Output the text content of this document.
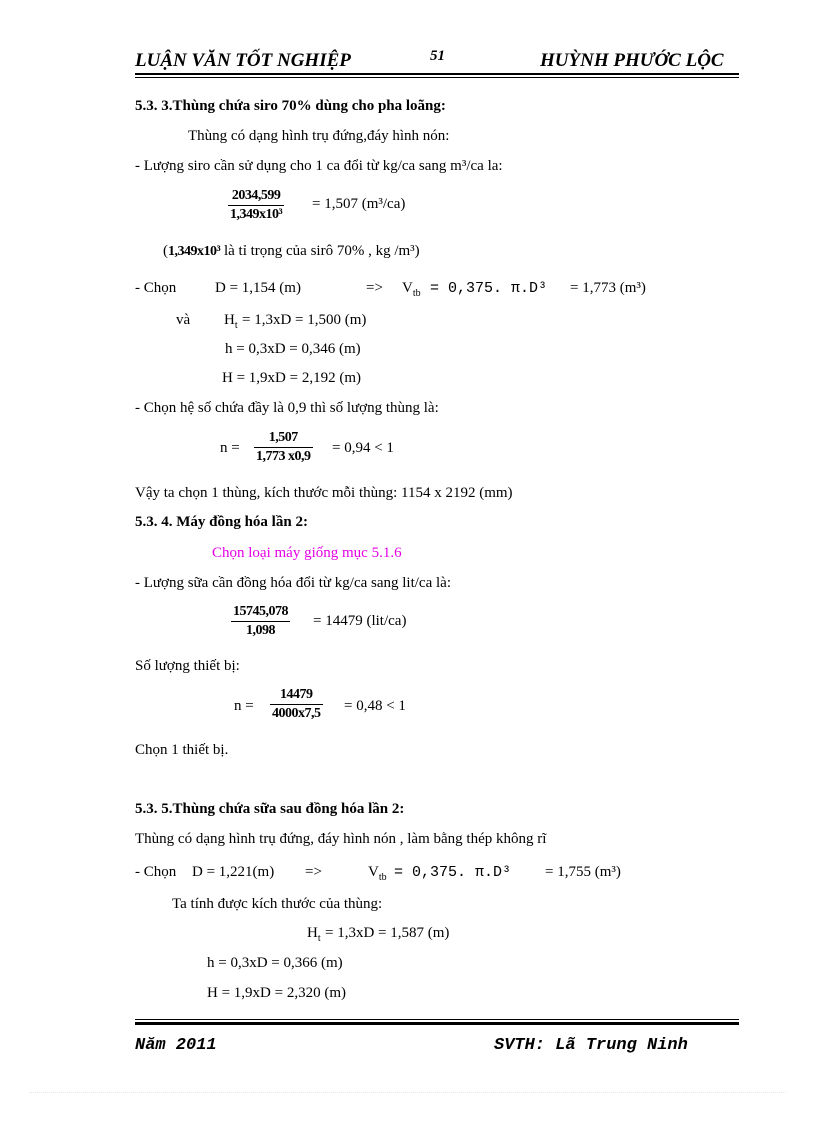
LUẬN VĂN TỐT NGHIỆP	51	HUỲNH PHƯỚC LỘC
5.3. 3.Thùng chứa siro 70% dùng cho pha loãng:
Thùng có dạng hình trụ đứng,đáy hình nón:
- Lượng siro cần sử dụng cho 1 ca đổi từ kg/ca sang m³/ca la:
2034,599
1,349x10³
= 1,507 (m³/ca)
(1,349x10³ là tỉ trọng của sirô 70% , kg /m³)
- Chọn	D = 1,154 (m)	=> $V_{tb} = 0,375$. π.D³ = 1,773 (m³)
và $H_t = 1,3xD = 1,500$ (m)
h = 0,3xD = 0,346 (m)
H = 1,9xD = 2,192 (m)
- Chọn hệ số chứa đầy là 0,9 thì số lượng thùng là:
n =
1,507
1,773 x0,9
= 0,94 < 1
Vậy ta chọn 1 thùng, kích thước mỗi thùng: 1154 x 2192 (mm)
5.3. 4. Máy đồng hóa lần 2:
Chọn loại máy giống mục 5.1.6
- Lượng sữa cần đồng hóa đổi từ kg/ca sang lit/ca là:
15745,078
1,098
= 14479 (lit/ca)
Số lượng thiết bị:
n =
14479
4000x7,5 = 0,48 < 1
Chọn 1 thiết bị.
5.3. 5.Thùng chứa sữa sau đồng hóa lần 2:
Thùng có dạng hình trụ đứng, đáy hình nón , làm bằng thép không rĩ
- Chọn D = 1,221(m) =>	$V_{tb} = 0,375$. π.D³ = 1,755 (m³)
Ta tính được kích thước của thùng:
$H_t = 1,3xD = 1,587$ (m)
h = 0,3xD = 0,366 (m)
H = 1,9xD = 2,320 (m)
Năm 2011	SVTH: Lã Trung Ninh
